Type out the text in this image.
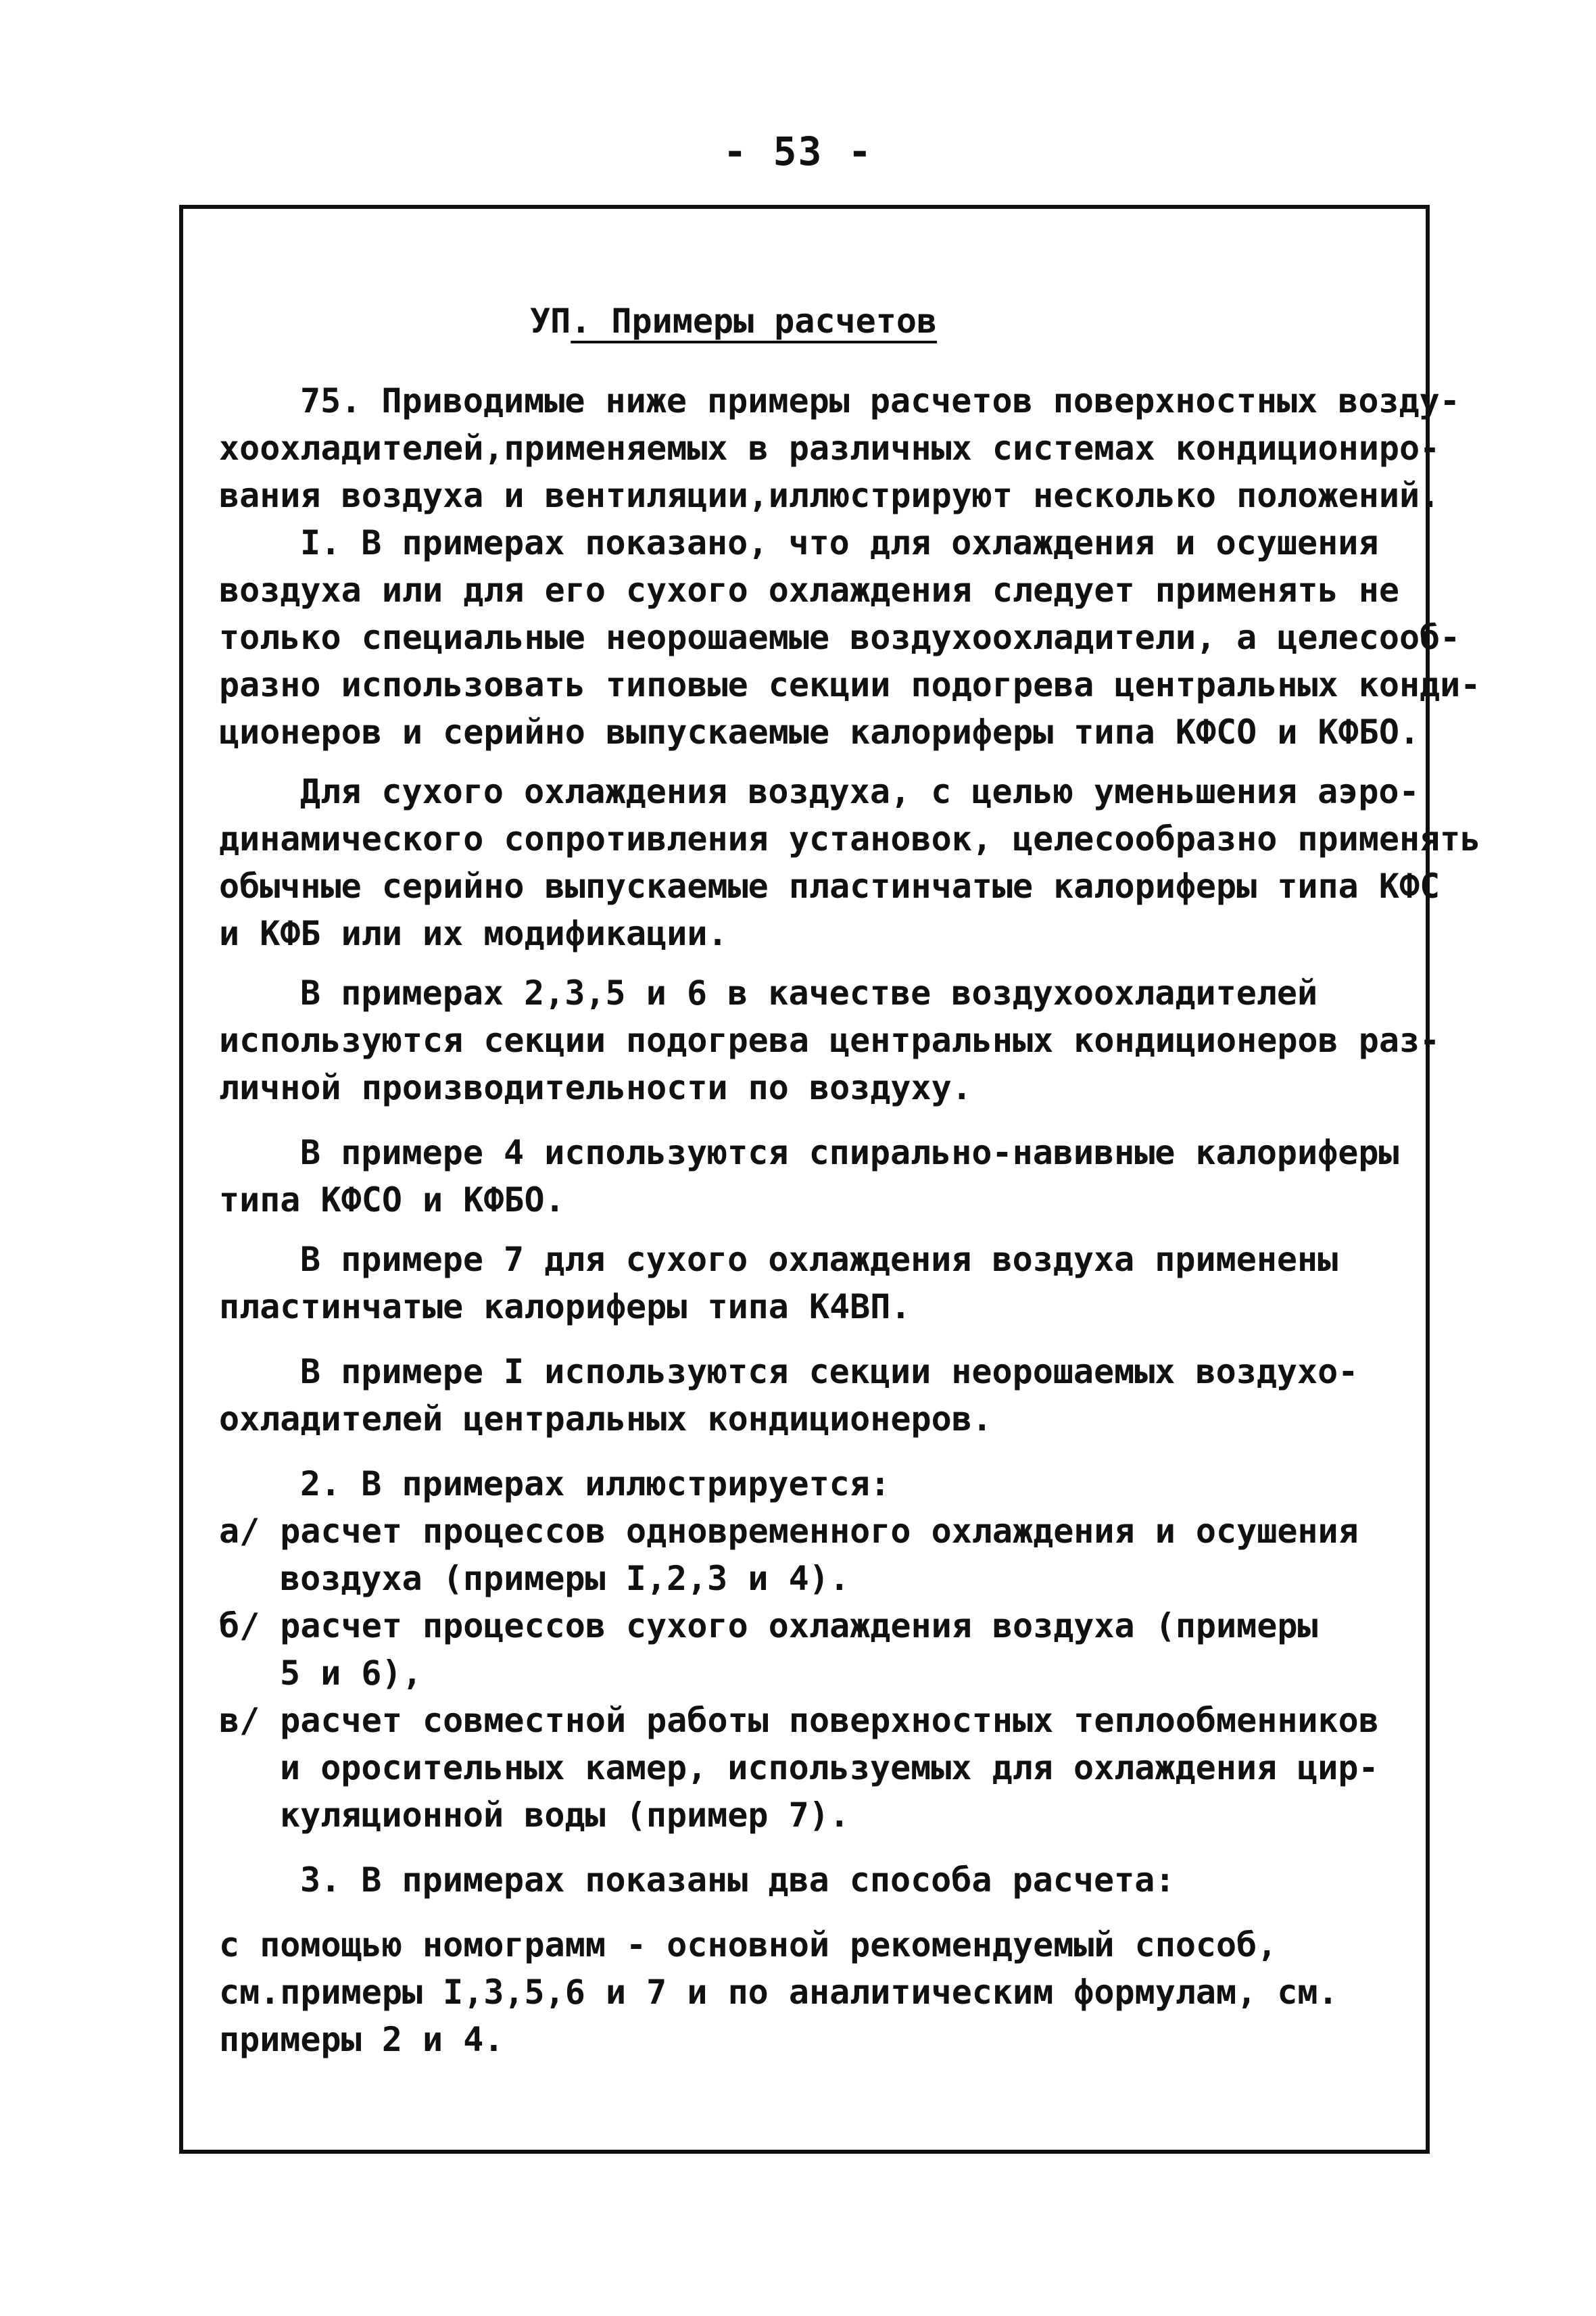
- 53 -
УП. Примеры расчетов
75. Приводимые ниже примеры расчетов поверхностных возду-
хоохладителей,применяемых в различных системах кондициониро-
вания воздуха и вентиляции,иллюстрируют несколько положений.
I. В примерах показано, что для охлаждения и осушения
воздуха или для его сухого охлаждения следует применять не
только специальные неорошаемые воздухоохладители, а целесооб-
разно использовать типовые секции подогрева центральных конди-
ционеров и серийно выпускаемые калориферы типа КФСО и КФБО.
Для сухого охлаждения воздуха, с целью уменьшения аэро-
динамического сопротивления установок, целесообразно применять
обычные серийно выпускаемые пластинчатые калориферы типа КФС
и КФБ или их модификации.
В примерах 2,3,5 и 6 в качестве воздухоохладителей
используются секции подогрева центральных кондиционеров раз-
личной производительности по воздуху.
В примере 4 используются спирально-навивные калориферы
типа КФСО и КФБО.
В примере 7 для сухого охлаждения воздуха применены
пластинчатые калориферы типа К4ВП.
В примере I используются секции неорошаемых воздухо-
охладителей центральных кондиционеров.
2. В примерах иллюстрируется:
а/ расчет процессов одновременного охлаждения и осушения
воздуха (примеры I,2,3 и 4).
б/ расчет процессов сухого охлаждения воздуха (примеры
5 и 6),
в/ расчет совместной работы поверхностных теплообменников
и оросительных камер, используемых для охлаждения цир-
куляционной воды (пример 7).
3. В примерах показаны два способа расчета:
с помощью номограмм - основной рекомендуемый способ,
см.примеры I,3,5,6 и 7 и по аналитическим формулам, см.
примеры 2 и 4.
